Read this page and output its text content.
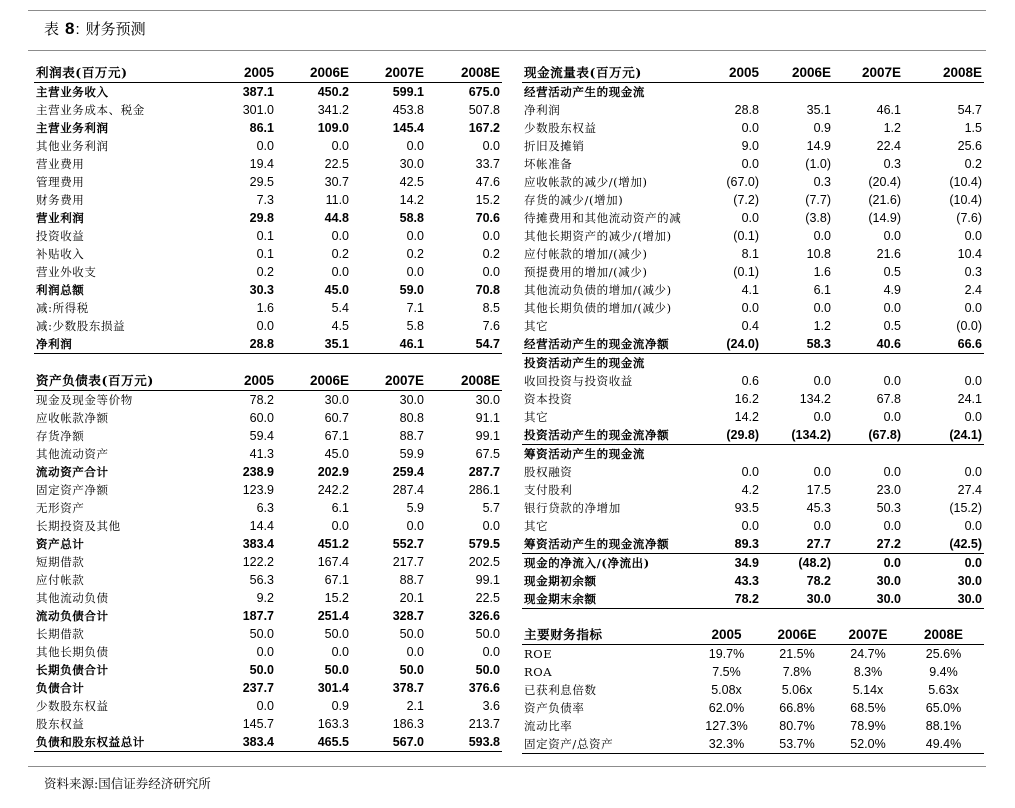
表 8 : 财务预测
利润表(百万元)	2005	2006E	2007E	2008E
主营业务收入	387.1	450.2	599.1	675.0
主营业务成本、税金	301.0	341.2	453.8	507.8
主营业务利润	86.1	109.0	145.4	167.2
其他业务利润	0.0	0.0	0.0	0.0
营业费用	19.4	22.5	30.0	33.7
管理费用	29.5	30.7	42.5	47.6
财务费用	7.3	11.0	14.2	15.2
营业利润	29.8	44.8	58.8	70.6
投资收益	0.1	0.0	0.0	0.0
补贴收入	0.1	0.2	0.2	0.2
营业外收支	0.2	0.0	0.0	0.0
利润总额	30.3	45.0	59.0	70.8
减:所得税	1.6	5.4	7.1	8.5
减:少数股东损益	0.0	4.5	5.8	7.6
净利润	28.8	35.1	46.1	54.7
资产负债表(百万元)	2005	2006E	2007E	2008E
现金及现金等价物	78.2	30.0	30.0	30.0
应收帐款净额	60.0	60.7	80.8	91.1
存货净额	59.4	67.1	88.7	99.1
其他流动资产	41.3	45.0	59.9	67.5
流动资产合计	238.9	202.9	259.4	287.7
固定资产净额	123.9	242.2	287.4	286.1
无形资产	6.3	6.1	5.9	5.7
长期投资及其他	14.4	0.0	0.0	0.0
资产总计	383.4	451.2	552.7	579.5
短期借款	122.2	167.4	217.7	202.5
应付帐款	56.3	67.1	88.7	99.1
其他流动负债	9.2	15.2	20.1	22.5
流动负债合计	187.7	251.4	328.7	326.6
长期借款	50.0	50.0	50.0	50.0
其他长期负债	0.0	0.0	0.0	0.0
长期负债合计	50.0	50.0	50.0	50.0
负债合计	237.7	301.4	378.7	376.6
少数股东权益	0.0	0.9	2.1	3.6
股东权益	145.7	163.3	186.3	213.7
负债和股东权益总计	383.4	465.5	567.0	593.8
现金流量表(百万元)	2005	2006E	2007E	2008E
经营活动产生的现金流				
净利润	28.8	35.1	46.1	54.7
少数股东权益	0.0	0.9	1.2	1.5
折旧及摊销	9.0	14.9	22.4	25.6
坏帐准备	0.0	(1.0)	0.3	0.2
应收帐款的减少/(增加)	(67.0)	0.3	(20.4)	(10.4)
存货的减少/(增加)	(7.2)	(7.7)	(21.6)	(10.4)
待摊费用和其他流动资产的减	0.0	(3.8)	(14.9)	(7.6)
其他长期资产的减少/(增加)	(0.1)	0.0	0.0	0.0
应付帐款的增加/(减少)	8.1	10.8	21.6	10.4
预提费用的增加/(减少)	(0.1)	1.6	0.5	0.3
其他流动负债的增加/(减少)	4.1	6.1	4.9	2.4
其他长期负债的增加/(减少)	0.0	0.0	0.0	0.0
其它	0.4	1.2	0.5	(0.0)
经营活动产生的现金流净额	(24.0)	58.3	40.6	66.6
投资活动产生的现金流				
收回投资与投资收益	0.6	0.0	0.0	0.0
资本投资	16.2	134.2	67.8	24.1
其它	14.2	0.0	0.0	0.0
投资活动产生的现金流净额	(29.8)	(134.2)	(67.8)	(24.1)
筹资活动产生的现金流				
股权融资	0.0	0.0	0.0	0.0
支付股利	4.2	17.5	23.0	27.4
银行贷款的净增加	93.5	45.3	50.3	(15.2)
其它	0.0	0.0	0.0	0.0
筹资活动产生的现金流净额	89.3	27.7	27.2	(42.5)
现金的净流入/(净流出)	34.9	(48.2)	0.0	0.0
现金期初余额	43.3	78.2	30.0	30.0
现金期末余额	78.2	30.0	30.0	30.0
主要财务指标	2005	2006E	2007E	2008E
ROE	19.7%	21.5%	24.7%	25.6%
ROA	7.5%	7.8%	8.3%	9.4%
已获利息倍数	5.08x	5.06x	5.14x	5.63x
资产负债率	62.0%	66.8%	68.5%	65.0%
流动比率	127.3%	80.7%	78.9%	88.1%
固定资产/总资产	32.3%	53.7%	52.0%	49.4%
资料来源:国信证券经济研究所
